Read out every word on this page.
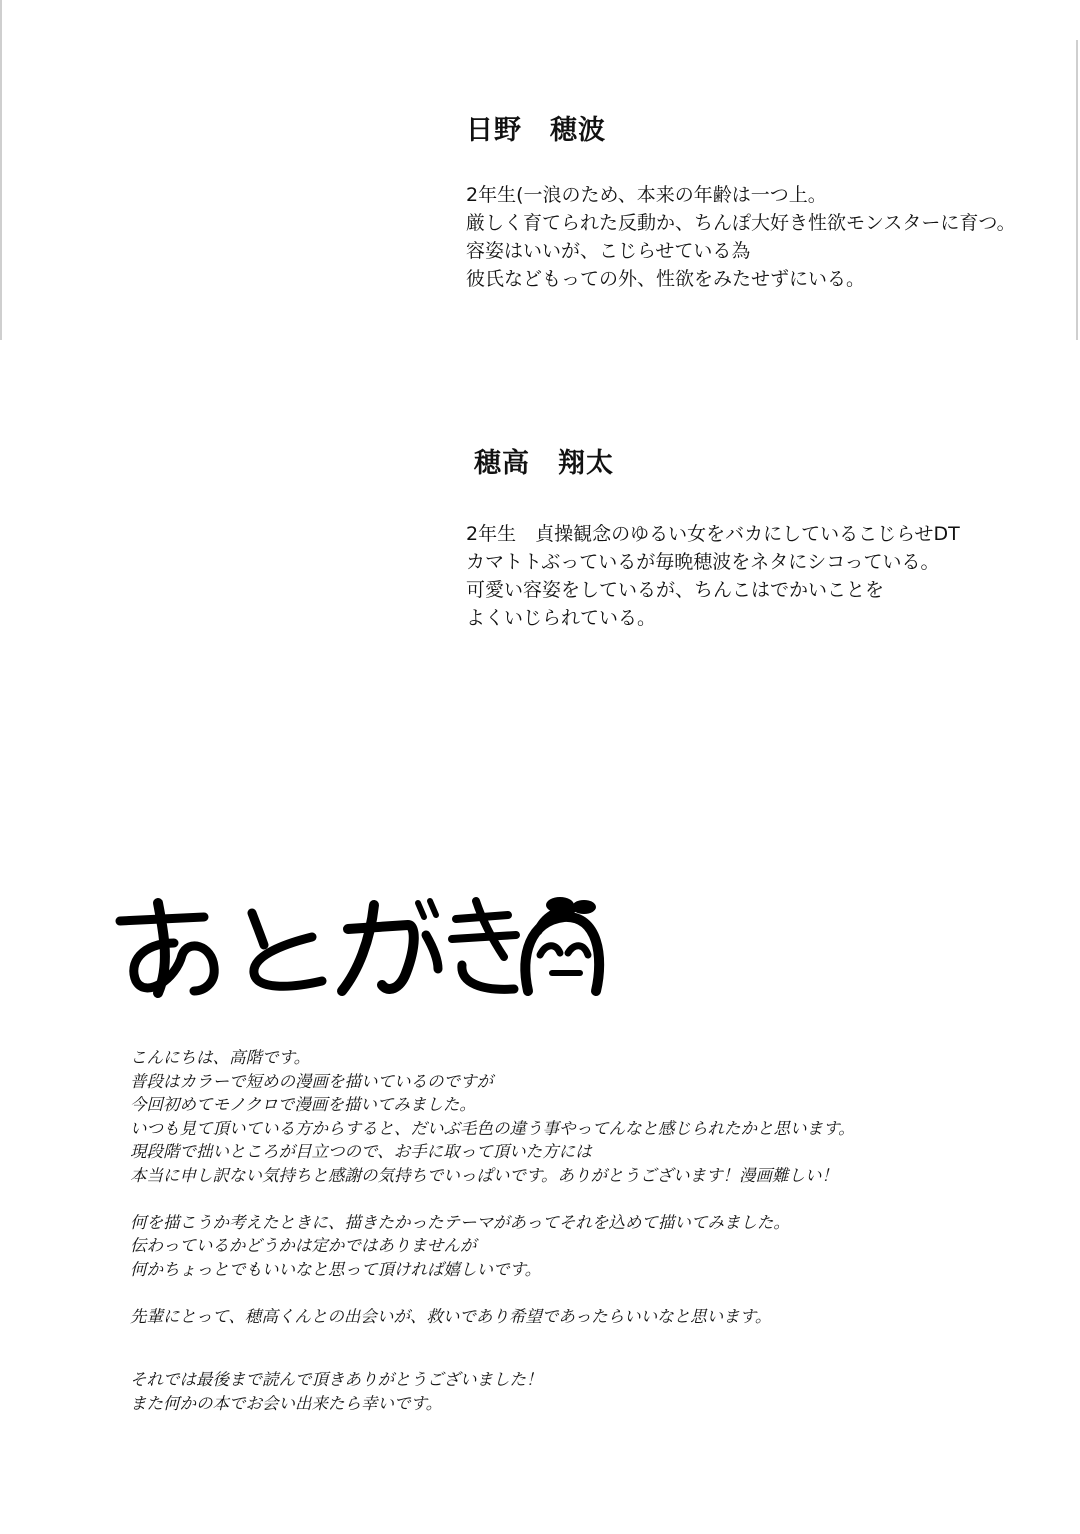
日野　穂波
2年生(一浪のため、本来の年齢は一つ上。
厳しく育てられた反動か、ちんぽ大好き性欲モンスターに育つ。
容姿はいいが、こじらせている為
彼氏などもっての外、性欲をみたせずにいる。
穂高　翔太
2年生　貞操観念のゆるい女をバカにしているこじらせDT
カマトトぶっているが毎晩穂波をネタにシコっている。
可愛い容姿をしているが、ちんこはでかいことを
よくいじられている。
こんにちは、高階です。
普段はカラーで短めの漫画を描いているのですが
今回初めてモノクロで漫画を描いてみました。
いつも見て頂いている方からすると、だいぶ毛色の違う事やってんなと感じられたかと思います。
現段階で拙いところが目立つので、お手に取って頂いた方には
本当に申し訳ない気持ちと感謝の気持ちでいっぱいです。ありがとうございます！漫画難しい！
何を描こうか考えたときに、描きたかったテーマがあってそれを込めて描いてみました。
伝わっているかどうかは定かではありませんが
何かちょっとでもいいなと思って頂ければ嬉しいです。
先輩にとって、穂高くんとの出会いが、救いであり希望であったらいいなと思います。
それでは最後まで読んで頂きありがとうございました！
また何かの本でお会い出来たら幸いです。
